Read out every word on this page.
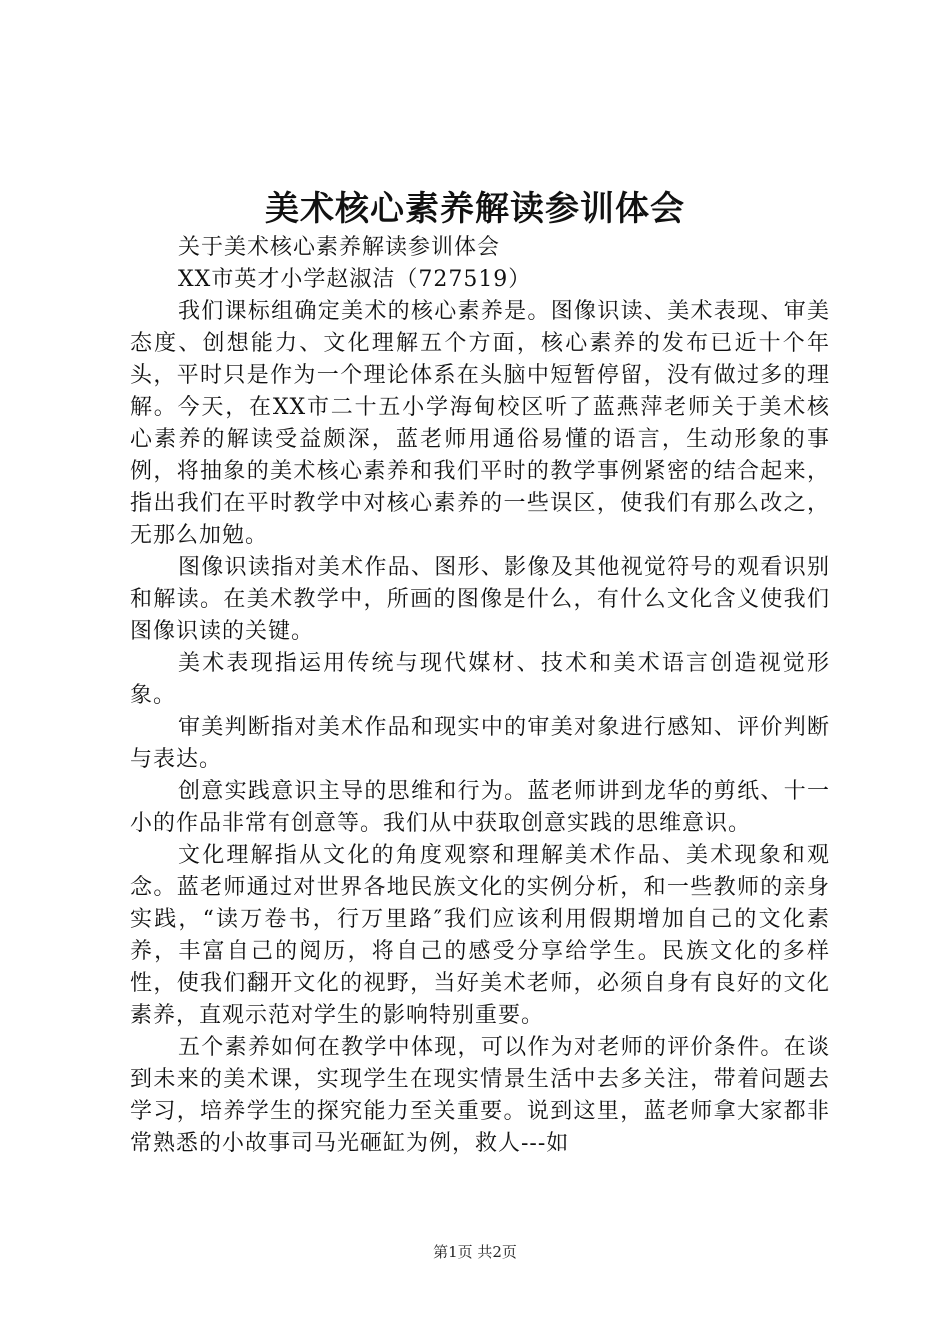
美术核心素养解读参训体会

关于美术核心素养解读参训体会

XX市英才小学赵淑洁（727519）

我们课标组确定美术的核心素养是。图像识读、美术表现、审美态度、创想能力、文化理解五个方面，核心素养的发布已近十个年头，平时只是作为一个理论体系在头脑中短暂停留，没有做过多的理解。今天，在XX市二十五小学海甸校区听了蓝燕萍老师关于美术核心素养的解读受益颇深，蓝老师用通俗易懂的语言，生动形象的事例，将抽象的美术核心素养和我们平时的教学事例紧密的结合起来，指出我们在平时教学中对核心素养的一些误区，使我们有那么改之，无那么加勉。

图像识读指对美术作品、图形、影像及其他视觉符号的观看识别和解读。在美术教学中，所画的图像是什么，有什么文化含义使我们图像识读的关键。

美术表现指运用传统与现代媒材、技术和美术语言创造视觉形象。

审美判断指对美术作品和现实中的审美对象进行感知、评价判断与表达。

创意实践意识主导的思维和行为。蓝老师讲到龙华的剪纸、十一小的作品非常有创意等。我们从中获取创意实践的思维意识。

文化理解指从文化的角度观察和理解美术作品、美术现象和观念。蓝老师通过对世界各地民族文化的实例分析，和一些教师的亲身实践，“读万卷书，行万里路″我们应该利用假期增加自己的文化素养，丰富自己的阅历，将自己的感受分享给学生。民族文化的多样性，使我们翻开文化的视野，当好美术老师，必须自身有良好的文化素养，直观示范对学生的影响特别重要。

五个素养如何在教学中体现，可以作为对老师的评价条件。在谈到未来的美术课，实现学生在现实情景生活中去多关注，带着问题去学习，培养学生的探究能力至关重要。说到这里，蓝老师拿大家都非常熟悉的小故事司马光砸缸为例，救人---如

第1页 共2页
